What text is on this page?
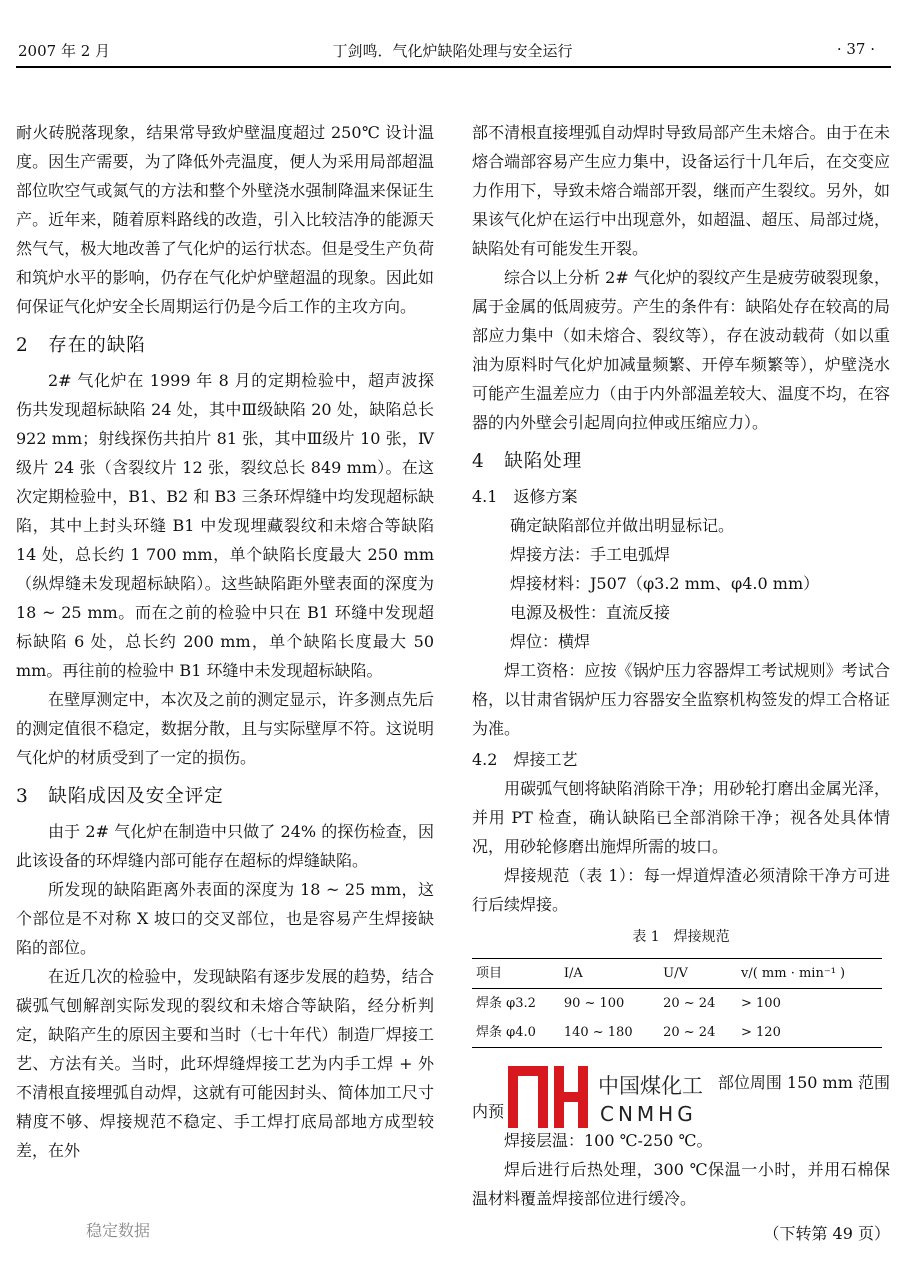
2007 年 2 月	丁剑鸣．气化炉缺陷处理与安全运行	· 37 ·

耐火砖脱落现象，结果常导致炉壁温度超过 250℃ 设计温度。因生产需要，为了降低外壳温度，便人为采用局部超温部位吹空气或氮气的方法和整个外壁浇水强制降温来保证生产。近年来，随着原料路线的改造，引入比较洁净的能源天然气气，极大地改善了气化炉的运行状态。但是受生产负荷和筑炉水平的影响，仍存在气化炉炉壁超温的现象。因此如何保证气化炉安全长周期运行仍是今后工作的主攻方向。

2　存在的缺陷

2# 气化炉在 1999 年 8 月的定期检验中，超声波探伤共发现超标缺陷 24 处，其中Ⅲ级缺陷 20 处，缺陷总长 922 mm；射线探伤共拍片 81 张，其中Ⅲ级片 10 张，Ⅳ级片 24 张（含裂纹片 12 张，裂纹总长 849 mm）。在这次定期检验中，B1、B2 和 B3 三条环焊缝中均发现超标缺陷，其中上封头环缝 B1 中发现埋藏裂纹和未熔合等缺陷 14 处，总长约 1 700 mm，单个缺陷长度最大 250 mm（纵焊缝未发现超标缺陷）。这些缺陷距外壁表面的深度为 18 ~ 25 mm。而在之前的检验中只在 B1 环缝中发现超标缺陷 6 处，总长约 200 mm，单个缺陷长度最大 50 mm。再往前的检验中 B1 环缝中未发现超标缺陷。

在壁厚测定中，本次及之前的测定显示，许多测点先后的测定值很不稳定，数据分散，且与实际壁厚不符。这说明气化炉的材质受到了一定的损伤。

3　缺陷成因及安全评定

由于 2# 气化炉在制造中只做了 24% 的探伤检查，因此该设备的环焊缝内部可能存在超标的焊缝缺陷。

所发现的缺陷距离外表面的深度为 18 ~ 25 mm，这个部位是不对称 X 坡口的交叉部位，也是容易产生焊接缺陷的部位。

在近几次的检验中，发现缺陷有逐步发展的趋势，结合碳弧气刨解剖实际发现的裂纹和未熔合等缺陷，经分析判定，缺陷产生的原因主要和当时（七十年代）制造厂焊接工艺、方法有关。当时，此环焊缝焊接工艺为内手工焊 + 外不清根直接埋弧自动焊，这就有可能因封头、简体加工尺寸精度不够、焊接规范不稳定、手工焊打底局部地方成型较差，在外

部不清根直接埋弧自动焊时导致局部产生未熔合。由于在未熔合端部容易产生应力集中，设备运行十几年后，在交变应力作用下，导致未熔合端部开裂，继而产生裂纹。另外，如果该气化炉在运行中出现意外，如超温、超压、局部过烧，缺陷处有可能发生开裂。

综合以上分析 2# 气化炉的裂纹产生是疲劳破裂现象，属于金属的低周疲劳。产生的条件有：缺陷处存在较高的局部应力集中（如未熔合、裂纹等），存在波动载荷（如以重油为原料时气化炉加减量频繁、开停车频繁等），炉壁浇水可能产生温差应力（由于内外部温差较大、温度不均，在容器的内外壁会引起周向拉伸或压缩应力）。

4　缺陷处理
4.1　返修方案

确定缺陷部位并做出明显标记。

焊接方法：手工电弧焊

焊接材料：J507（φ3.2 mm、φ4.0 mm）

电源及极性：直流反接

焊位：横焊

焊工资格：应按《锅炉压力容器焊工考试规则》考试合格，以甘肃省锅炉压力容器安全监察机构签发的焊工合格证为准。

4.2　焊接工艺

用碳弧气刨将缺陷消除干净；用砂轮打磨出金属光泽，并用 PT 检查，确认缺陷已全部消除干净；视各处具体情况，用砂轮修磨出施焊所需的坡口。

焊接规范（表 1）：每一焊道焊渣必须清除干净方可进行后续焊接。

表 1　焊接规范
项目	I/A	U/V	v/( mm · min⁻¹ )
焊条 φ3.2	90 ~ 100	20 ~ 24	> 100
焊条 φ4.0	140 ~ 180	20 ~ 24	> 120

部位周围 150 mm 范围

内预

焊接层温：100 ℃-250 ℃。

焊后进行后热处理，300 ℃保温一小时，并用石棉保温材料覆盖焊接部位进行缓冷。

（下转第 49 页）

中国煤化工
CNMHG
稳定数据
